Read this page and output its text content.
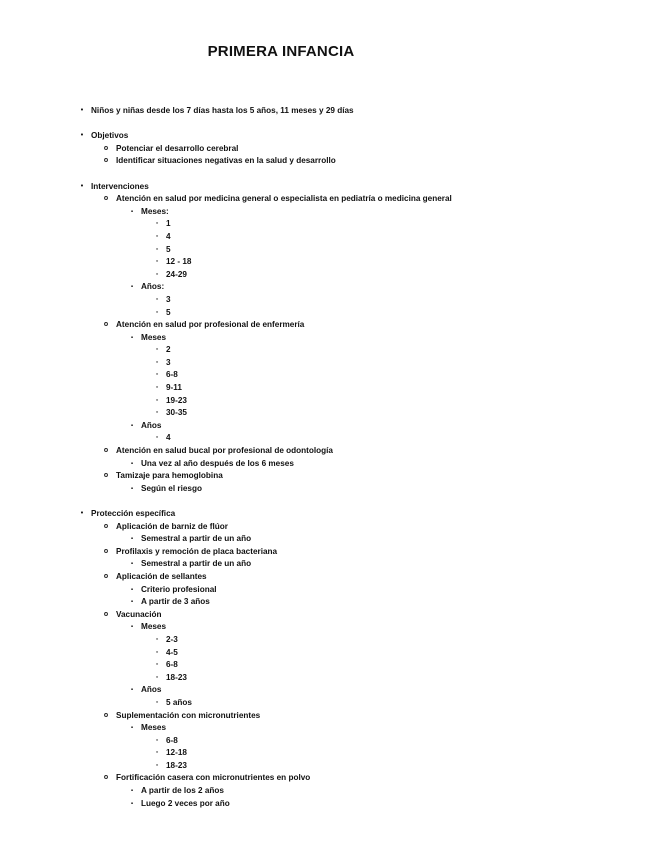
PRIMERA INFANCIA
• Niños y niñas desde los 7 días hasta los 5 años, 11 meses y 29 días
• Objetivos
o Potenciar el desarrollo cerebral
o Identificar situaciones negativas en la salud y desarrollo
• Intervenciones
o Atención en salud por medicina general o especialista en pediatría o medicina general
▪ Meses:
▫ 1
▫ 4
▫ 5
▫ 12 - 18
▫ 24-29
▪ Años:
▫ 3
▫ 5
o Atención en salud por profesional de enfermería
▪ Meses
▫ 2
▫ 3
▫ 6-8
▫ 9-11
▫ 19-23
▫ 30-35
▪ Años
▫ 4
o Atención en salud bucal por profesional de odontología
▪ Una vez al año después de los 6 meses
o Tamizaje para hemoglobina
▪ Según el riesgo
• Protección específica
o Aplicación de barniz de flúor
▪ Semestral a partir de un año
o Profilaxis y remoción de placa bacteriana
▪ Semestral a partir de un año
o Aplicación de sellantes
▪ Criterio profesional
▪ A partir de 3 años
o Vacunación
▪ Meses
▫ 2-3
▫ 4-5
▫ 6-8
▫ 18-23
▪ Años
▫ 5 años
o Suplementación con micronutrientes
▪ Meses
▫ 6-8
▫ 12-18
▫ 18-23
o Fortificación casera con micronutrientes en polvo
▪ A partir de los 2 años
▪ Luego 2 veces por año
